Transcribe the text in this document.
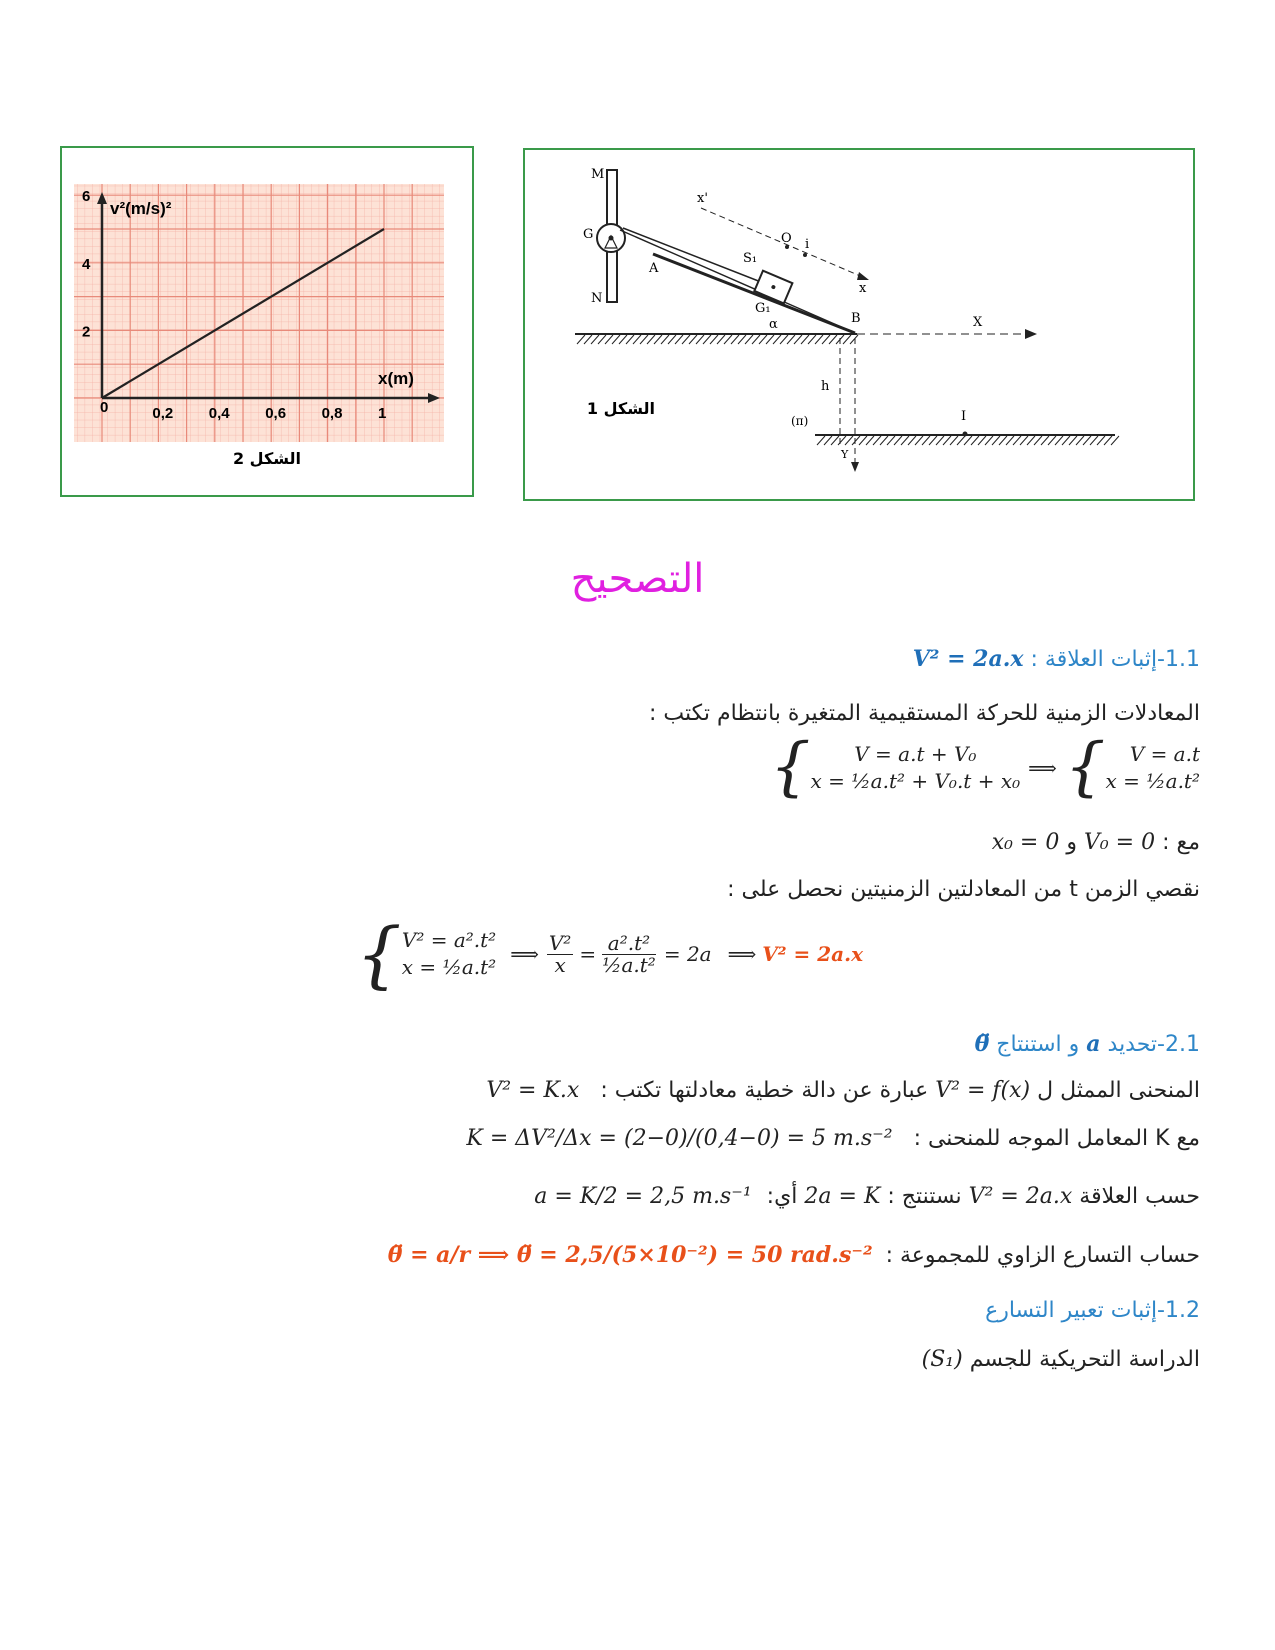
0,2 0,4 0,6 0,8 1
2
4
6
0
v²(m/s)²
x(m)
الشكل 2
M
N
G
A
S₁
G₁
α
x'
x
O i
B	X
h
Y
(π)	I
الشكل 1
التصحيح
1.1-إثبات العلاقة : V² = 2a.x
المعادلات الزمنية للحركة المستقيمية المتغيرة بانتظام تكتب :
{	V = a.t + V₀
x = ½a.t² + V₀.t + x₀
⟹ {	V = a.t
x = ½a.t²
مع : V₀ = 0 و x₀ = 0
نقصي الزمن t من المعادلتين الزمنيتين نحصل على :
{ V² = a².t²
x = ½a.t²
⟹ $\frac{\text{V²}}{x} = \frac{\text{a².t²}}{\text{½a.t²}} = 2a$ ⟹ V² = 2a.x
2.1-تحديد a و استنتاج θ̈
المنحنى الممثل ل V² = f(x) عبارة عن دالة خطية معادلتها تكتب : V² = K.x
مع K المعامل الموجه للمنحنى : K = ΔV²/Δx = (2−0)/(0,4−0) = 5 m.s⁻²
حسب العلاقة V² = 2a.x نستنتج : 2a = K أي: a = K/2 = 2,5 m.s⁻¹
حساب التسارع الزاوي للمجموعة : θ̈ = a/r ⟹ θ̈ = 2,5/(5×10⁻²) = 50 rad.s⁻²
1.2-إثبات تعبير التسارع
الدراسة التحريكية للجسم (S₁)
